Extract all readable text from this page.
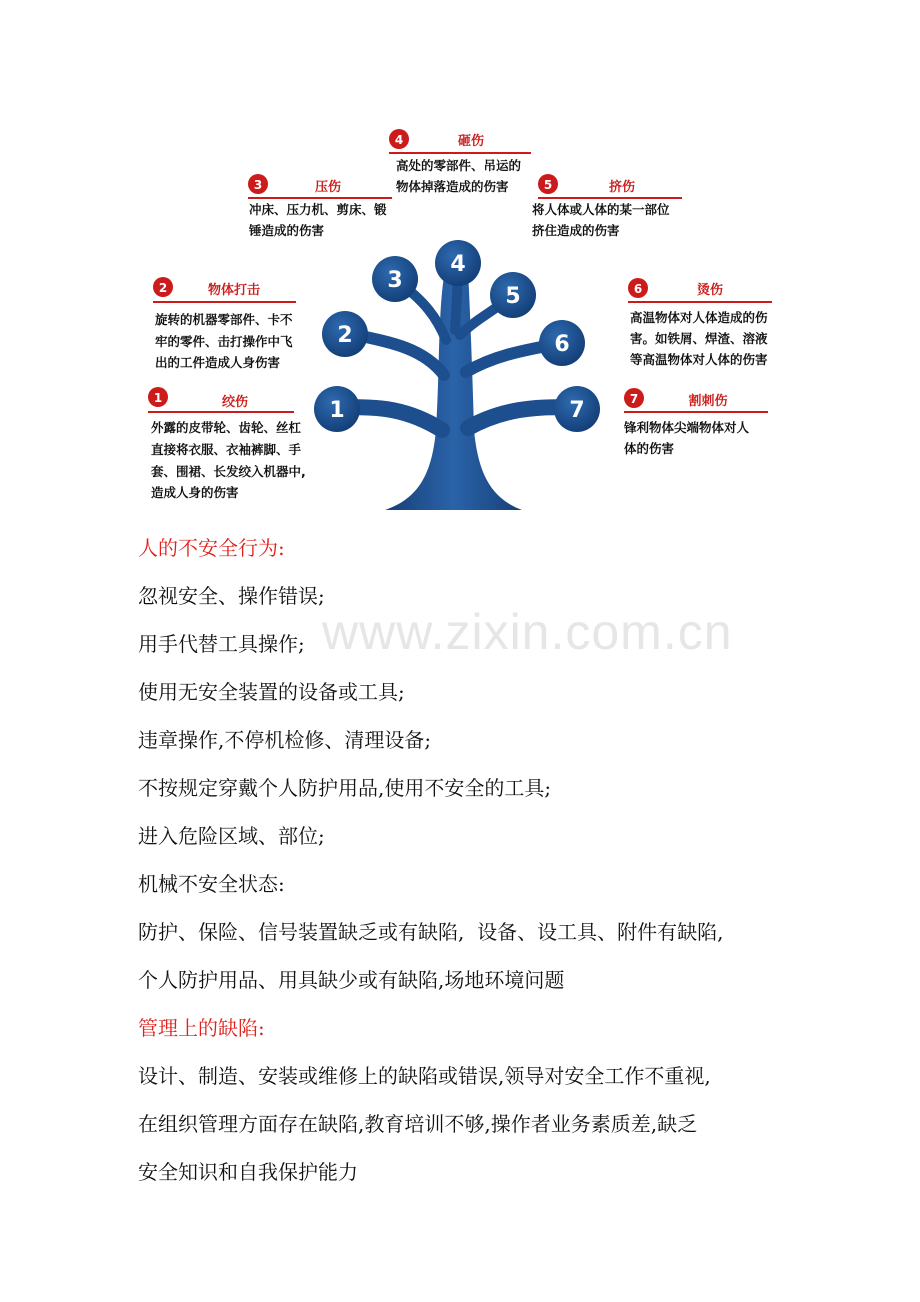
1
2
3
4
5
6
7
1	绞伤
外露的皮带轮、齿轮、丝杠
直接将衣服、衣袖裤脚、手
套、围裙、长发绞入机器中,
造成人身的伤害
2	物体打击
旋转的机器零部件、卡不
牢的零件、击打操作中飞
出的工件造成人身伤害
3	压伤
冲床、压力机、剪床、锻
锤造成的伤害
4	砸伤
高处的零部件、吊运的
物体掉落造成的伤害	5	挤伤
将人体或人体的某一部位
挤住造成的伤害
6	烫伤
高温物体对人体造成的伤
害。如铁屑、焊渣、溶液
等高温物体对人体的伤害
7	割刺伤
锋利物体尖端物体对人
体的伤害
www.zixin.com.cn

人的不安全行为:

忽视安全、操作错误;

用手代替工具操作;

使用无安全装置的设备或工具;

违章操作,不停机检修、清理设备;

不按规定穿戴个人防护用品,使用不安全的工具;

进入危险区域、部位;

机械不安全状态:

防护、保险、信号装置缺乏或有缺陷,  设备、设工具、附件有缺陷,

个人防护用品、用具缺少或有缺陷,场地环境问题

管理上的缺陷:

设计、制造、安装或维修上的缺陷或错误,领导对安全工作不重视,

在组织管理方面存在缺陷,教育培训不够,操作者业务素质差,缺乏

安全知识和自我保护能力
